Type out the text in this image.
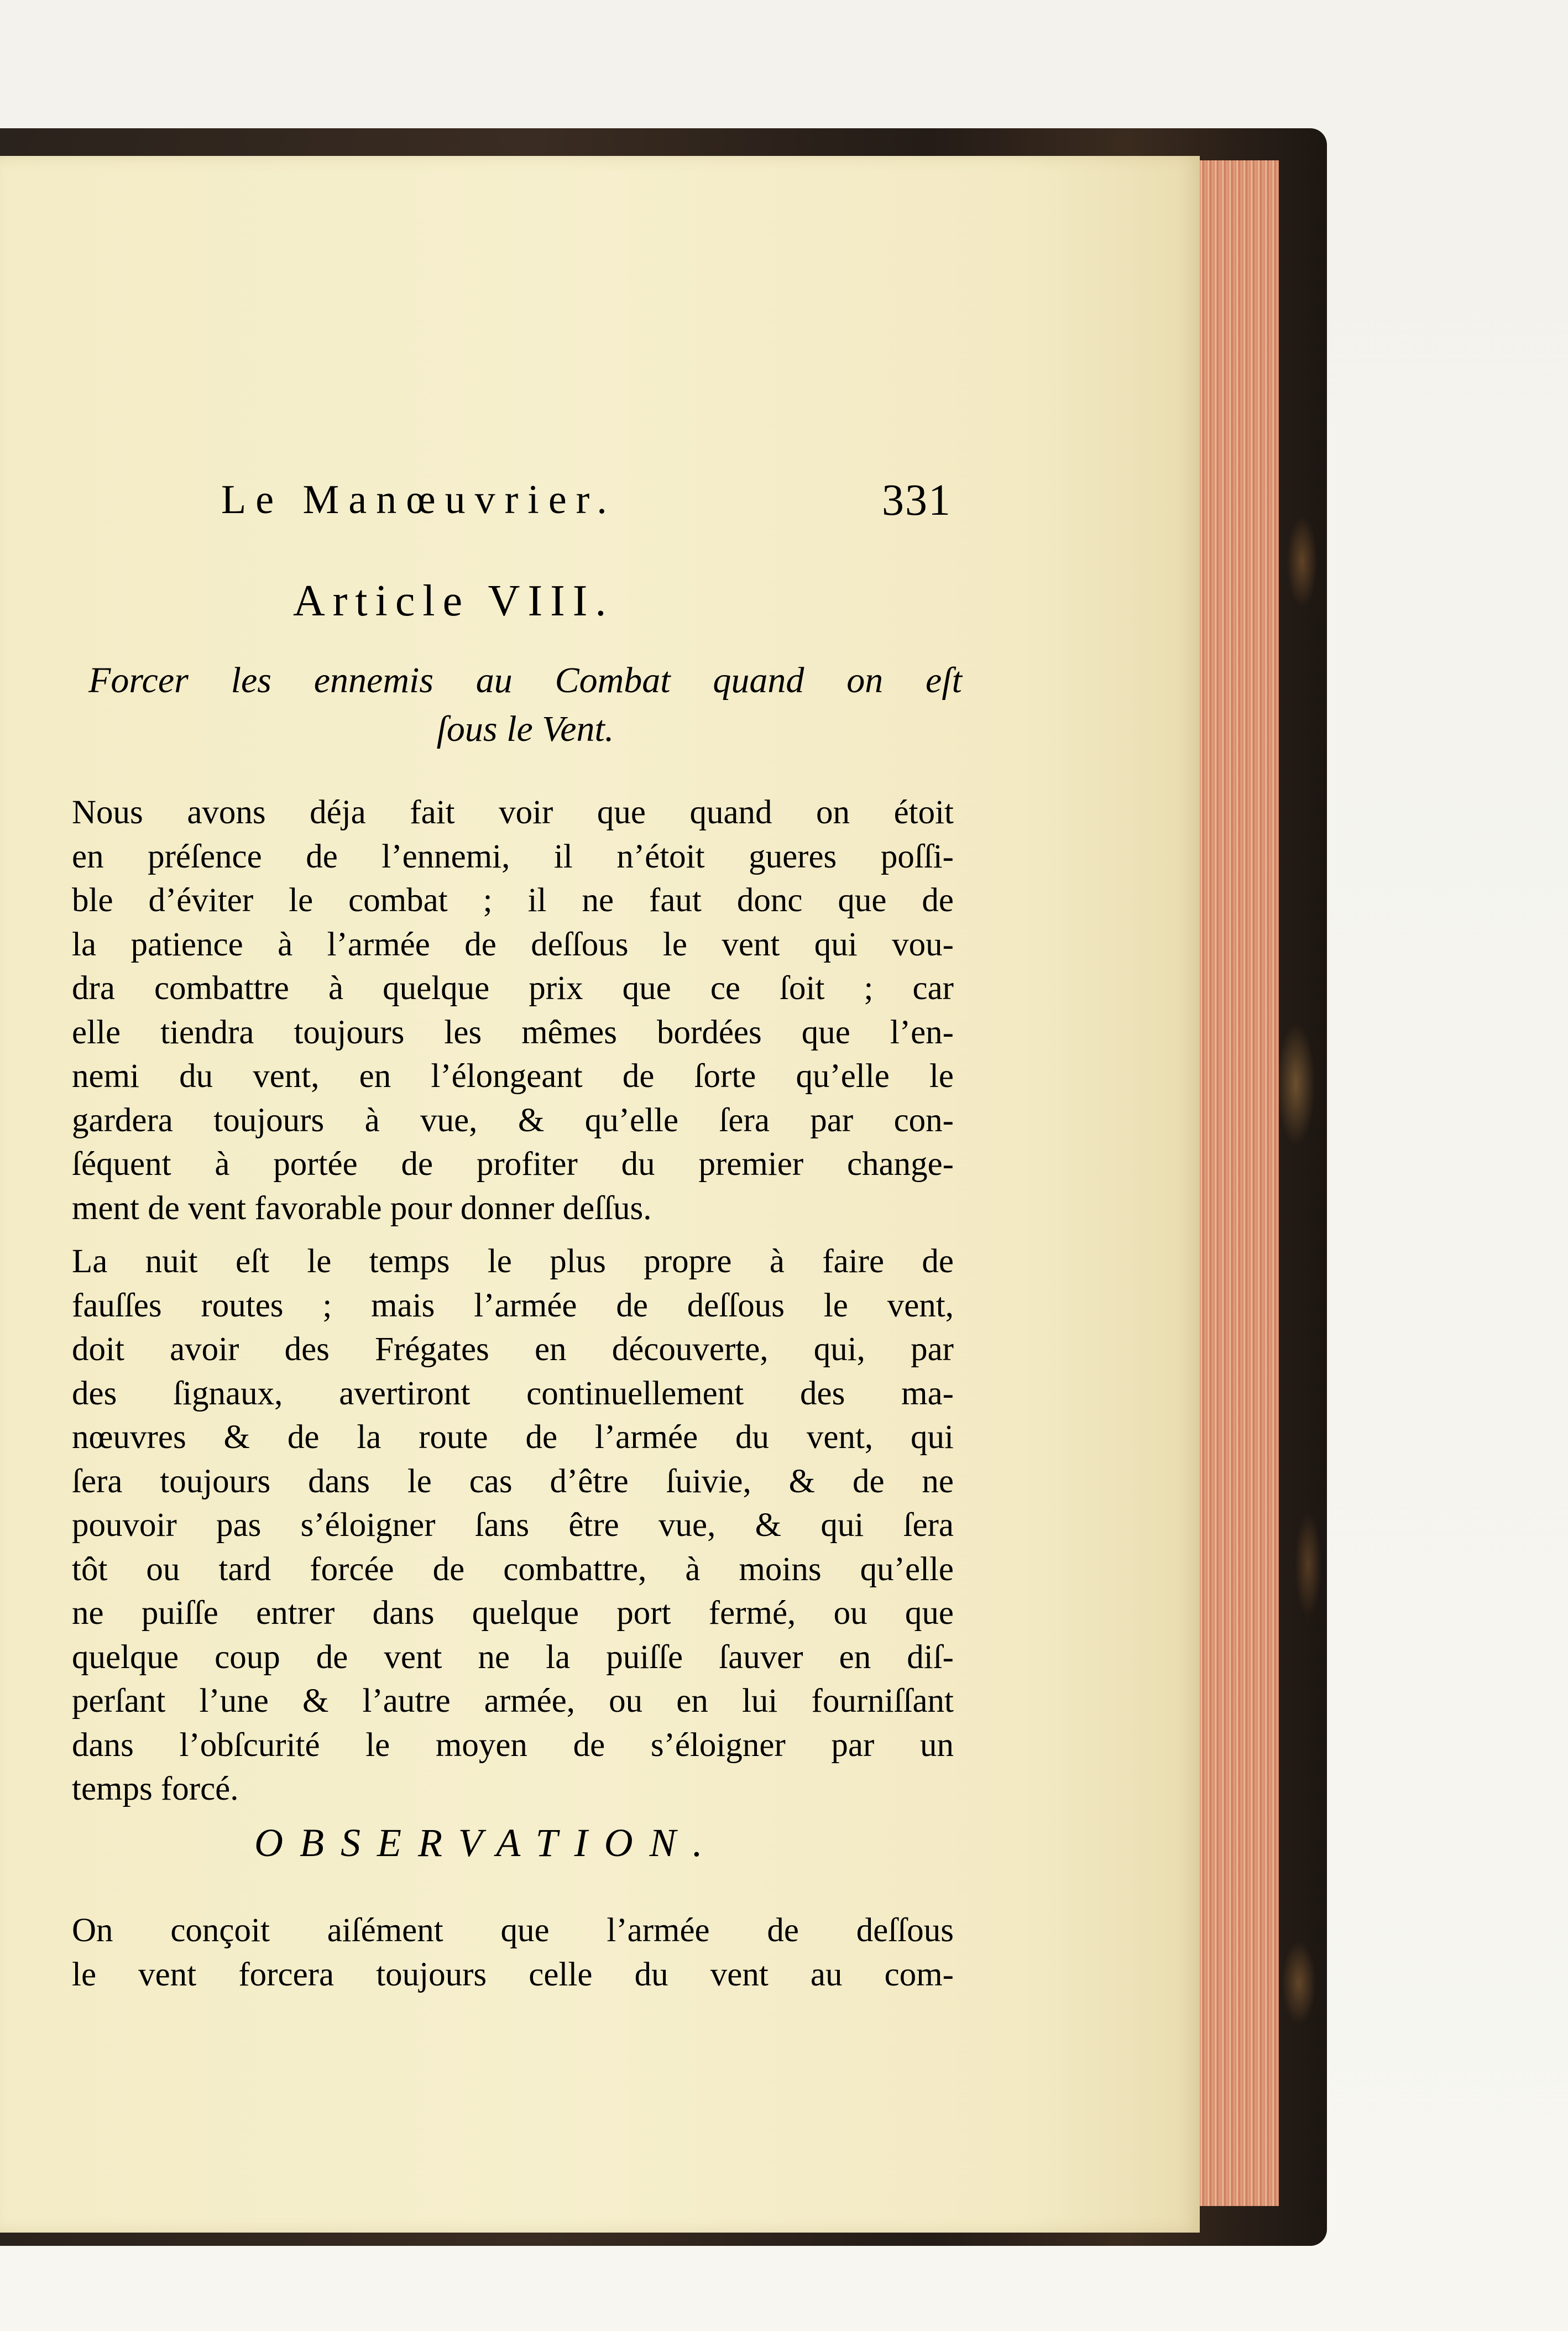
Le Manœuvrier.	331
Article VIII.
Forcer les ennemis au Combat quand on eſt
ſous le Vent.
Nous avons déja fait voir que quand on étoit
en préſence de l’ennemi, il n’étoit gueres poſſi-
ble d’éviter le combat ; il ne faut donc que de
la patience à l’armée de deſſous le vent qui vou-
dra combattre à quelque prix que ce ſoit ; car
elle tiendra toujours les mêmes bordées que l’en-
nemi du vent, en l’élongeant de ſorte qu’elle le
gardera toujours à vue, & qu’elle ſera par con-
ſéquent à portée de profiter du premier change-
ment de vent favorable pour donner deſſus.
La nuit eſt le temps le plus propre à faire de
fauſſes routes ; mais l’armée de deſſous le vent,
doit avoir des Frégates en découverte, qui, par
des ſignaux, avertiront continuellement des ma-
nœuvres & de la route de l’armée du vent, qui
ſera toujours dans le cas d’être ſuivie, & de ne
pouvoir pas s’éloigner ſans être vue, & qui ſera
tôt ou tard forcée de combattre, à moins qu’elle
ne puiſſe entrer dans quelque port fermé, ou que
quelque coup de vent ne la puiſſe ſauver en diſ-
perſant l’une & l’autre armée, ou en lui fourniſſant
dans l’obſcurité le moyen de s’éloigner par un
temps forcé.
OBSERVATION.
On conçoit aiſément que l’armée de deſſous
le vent forcera toujours celle du vent au com-
